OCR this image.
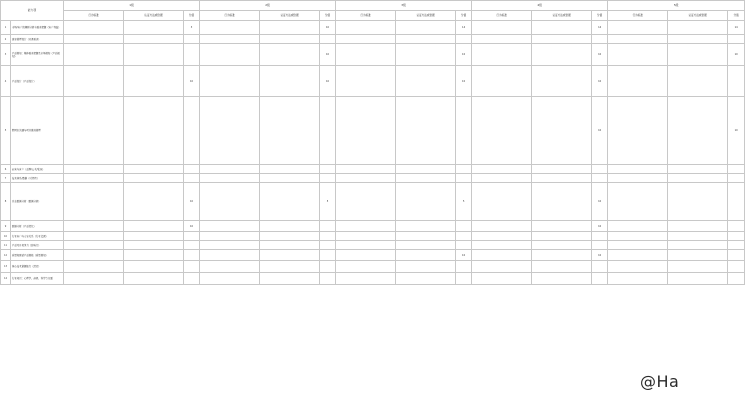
能力项		1级			2级			3级			4级			5级		
		行为标准	认证方法或依据	分值	行为标准	认证方法或依据	分值	行为标准	认证方法或依据	分值	行为标准	认证方法或依据	分值	行为标准	认证方法或依据	分值
1	市场/客户的调研分析与需求把握（客户利益）			3			10			14			14			14
2	需求管理设计（业务需求）															
3	产品规划：整体需求把握及市场规划（产品规划）						10			10			10			10
4	产品设计（产品设计）			10			10			10			10			
5	跨团队沟通与项目推进管理												10			10
6	获客与客户（品牌/公关/私域）															
7	技术体系/数据（可持续）															
8	日志数据分析（数据分析）			10			5			5			10			
9	数据分析（产品优化）			10									10			
10	行业客户与专家关系（行业资源）															
11	产品对外竞争力（影响力）															
12	质量和测试产品规格（质量规划）									10			10			
13	核心技术掌握能力（深度）															
14	行业知识：心理学、商务、科学等方面															
@Ha
